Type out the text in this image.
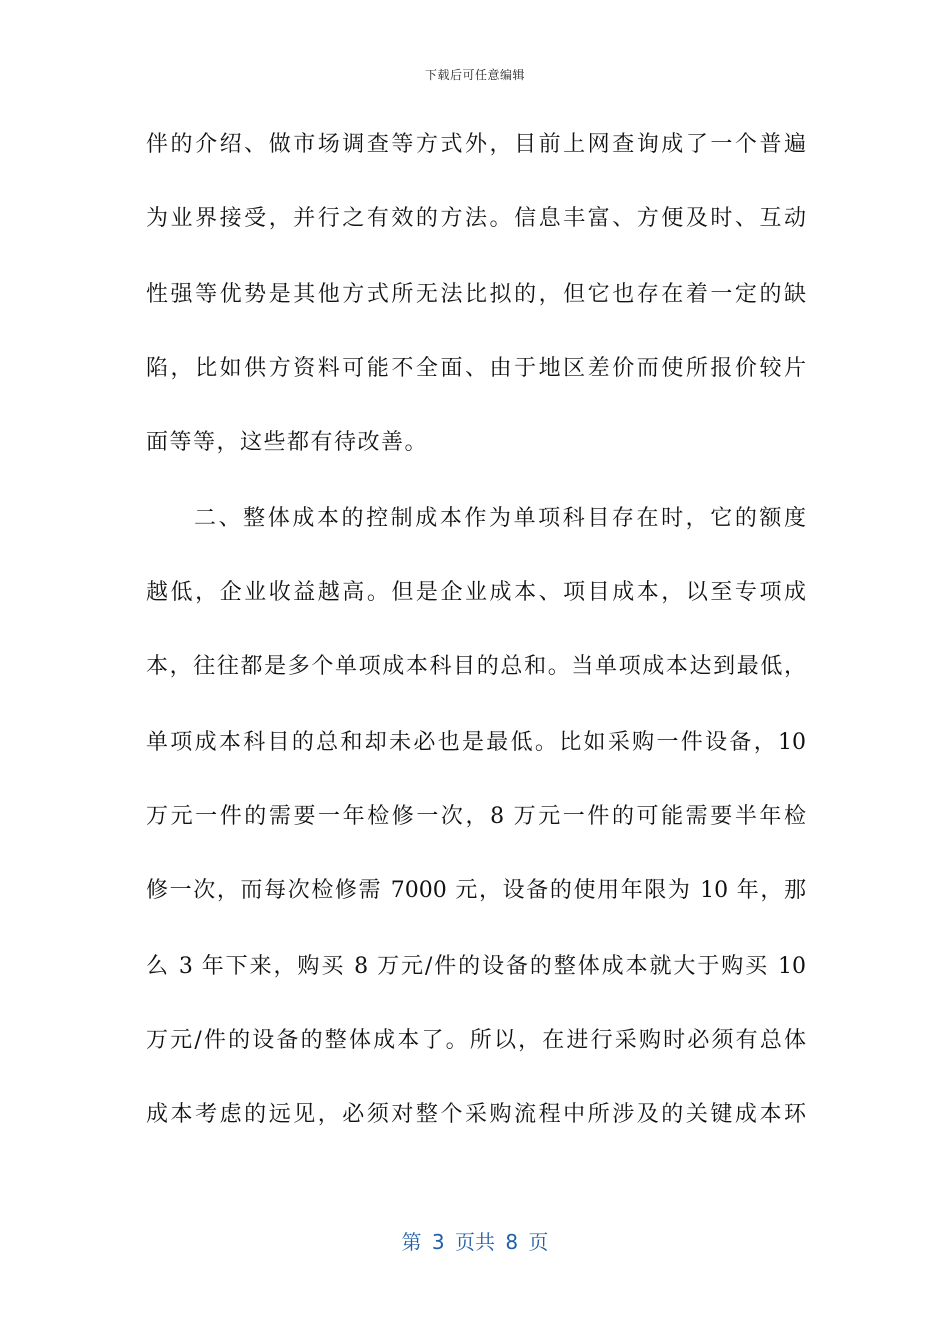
下载后可任意编辑
伴的介绍、做市场调查等方式外，目前上网查询成了一个普遍
为业界接受，并行之有效的方法。信息丰富、方便及时、互动
性强等优势是其他方式所无法比拟的，但它也存在着一定的缺
陷，比如供方资料可能不全面、由于地区差价而使所报价较片
面等等，这些都有待改善。
二、整体成本的控制成本作为单项科目存在时，它的额度
越低，企业收益越高。但是企业成本、项目成本，以至专项成
本，往往都是多个单项成本科目的总和。当单项成本达到最低，
单项成本科目的总和却未必也是最低。比如采购一件设备，10
万元一件的需要一年检修一次，8 万元一件的可能需要半年检
修一次，而每次检修需 7000 元，设备的使用年限为 10 年，那
么 3 年下来，购买 8 万元/件的设备的整体成本就大于购买 10
万元/件的设备的整体成本了。所以，在进行采购时必须有总体
成本考虑的远见，必须对整个采购流程中所涉及的关键成本环
第 3 页共 8 页
